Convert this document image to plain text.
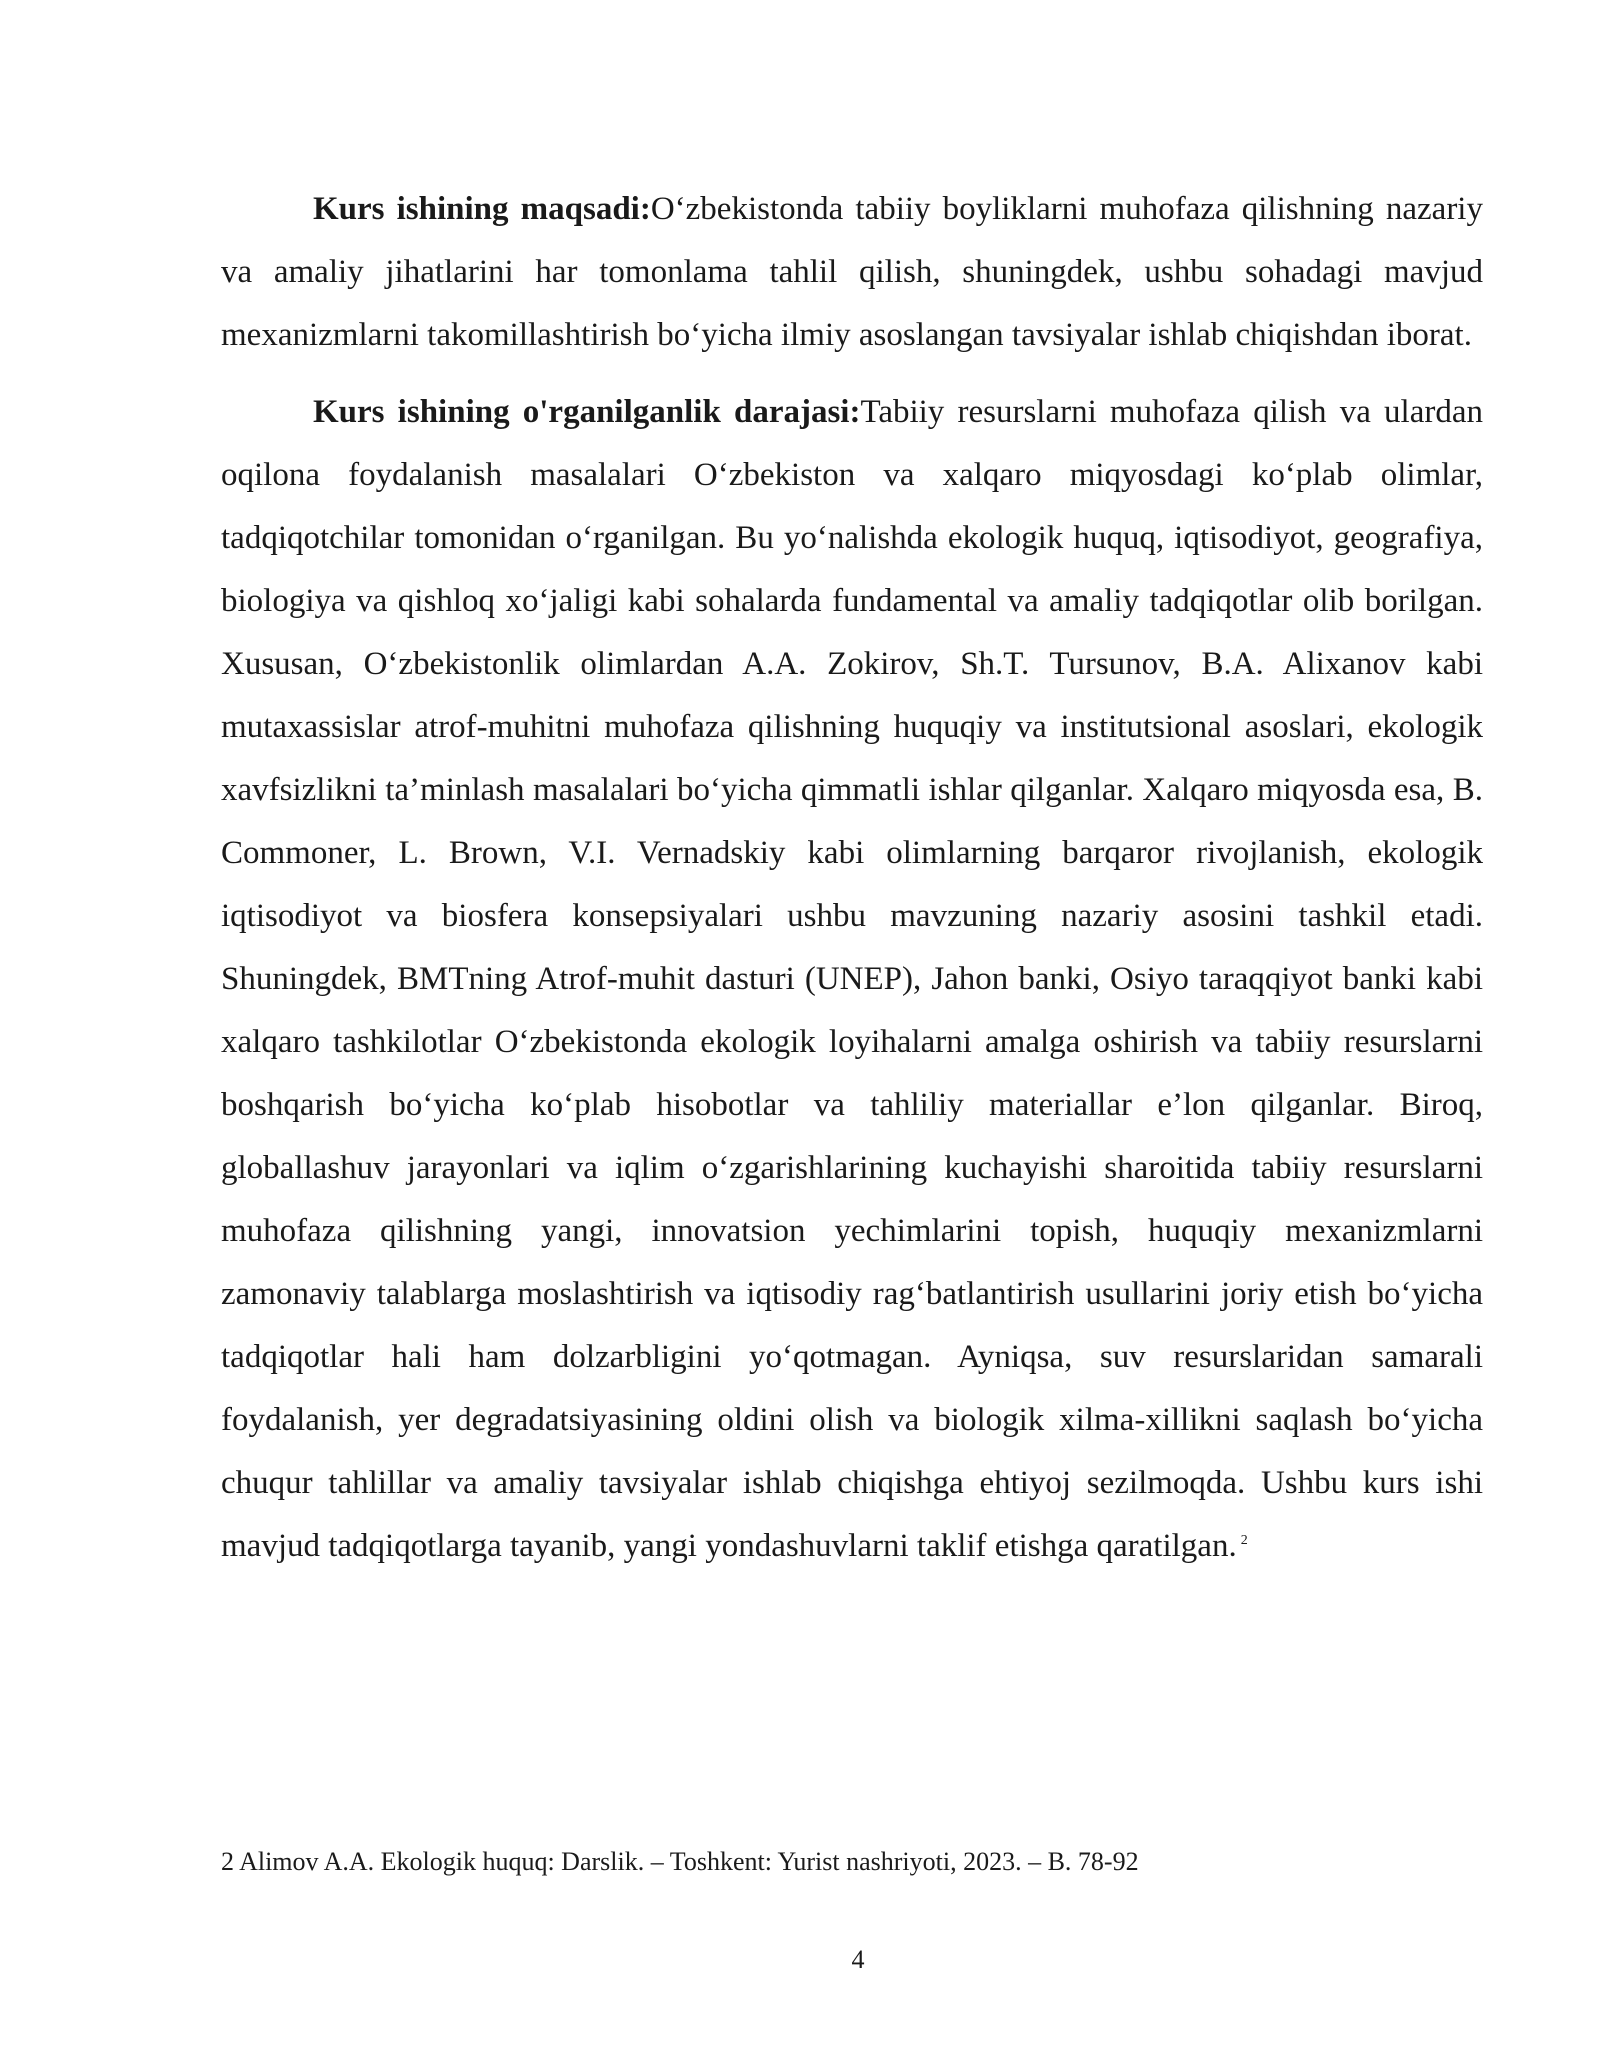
Kurs ishining maqsadi:O‘zbekistonda tabiiy boyliklarni muhofaza qilishning nazariy va amaliy jihatlarini har tomonlama tahlil qilish, shuningdek, ushbu sohadagi mavjud mexanizmlarni takomillashtirish bo‘yicha ilmiy asoslangan tavsiyalar ishlab chiqishdan iborat.

Kurs ishining o'rganilganlik darajasi:Tabiiy resurslarni muhofaza qilish va ulardan oqilona foydalanish masalalari O‘zbekiston va xalqaro miqyosdagi ko‘plab olimlar, tadqiqotchilar tomonidan o‘rganilgan. Bu yo‘nalishda ekologik huquq, iqtisodiyot, geografiya, biologiya va qishloq xo‘jaligi kabi sohalarda fundamental va amaliy tadqiqotlar olib borilgan. Xususan, O‘zbekistonlik olimlardan A.A. Zokirov, Sh.T. Tursunov, B.A. Alixanov kabi mutaxassislar atrof-muhitni muhofaza qilishning huquqiy va institutsional asoslari, ekologik xavfsizlikni ta’minlash masalalari bo‘yicha qimmatli ishlar qilganlar. Xalqaro miqyosda esa, B. Commoner, L. Brown, V.I. Vernadskiy kabi olimlarning barqaror rivojlanish, ekologik iqtisodiyot va biosfera konsepsiyalari ushbu mavzuning nazariy asosini tashkil etadi. Shuningdek, BMTning Atrof-muhit dasturi (UNEP), Jahon banki, Osiyo taraqqiyot banki kabi xalqaro tashkilotlar O‘zbekistonda ekologik loyihalarni amalga oshirish va tabiiy resurslarni boshqarish bo‘yicha ko‘plab hisobotlar va tahliliy materiallar e’lon qilganlar. Biroq, globallashuv jarayonlari va iqlim o‘zgarishlarining kuchayishi sharoitida tabiiy resurslarni muhofaza qilishning yangi, innovatsion yechimlarini topish, huquqiy mexanizmlarni zamonaviy talablarga moslashtirish va iqtisodiy rag‘batlantirish usullarini joriy etish bo‘yicha tadqiqotlar hali ham dolzarbligini yo‘qotmagan. Ayniqsa, suv resurslaridan samarali foydalanish, yer degradatsiyasining oldini olish va biologik xilma-xillikni saqlash bo‘yicha chuqur tahlillar va amaliy tavsiyalar ishlab chiqishga ehtiyoj sezilmoqda. Ushbu kurs ishi mavjud tadqiqotlarga tayanib, yangi yondashuvlarni taklif etishga qaratilgan. $^2$

2 Alimov A.A. Ekologik huquq: Darslik. – Toshkent: Yurist nashriyoti, 2023. – B. 78-92

4
